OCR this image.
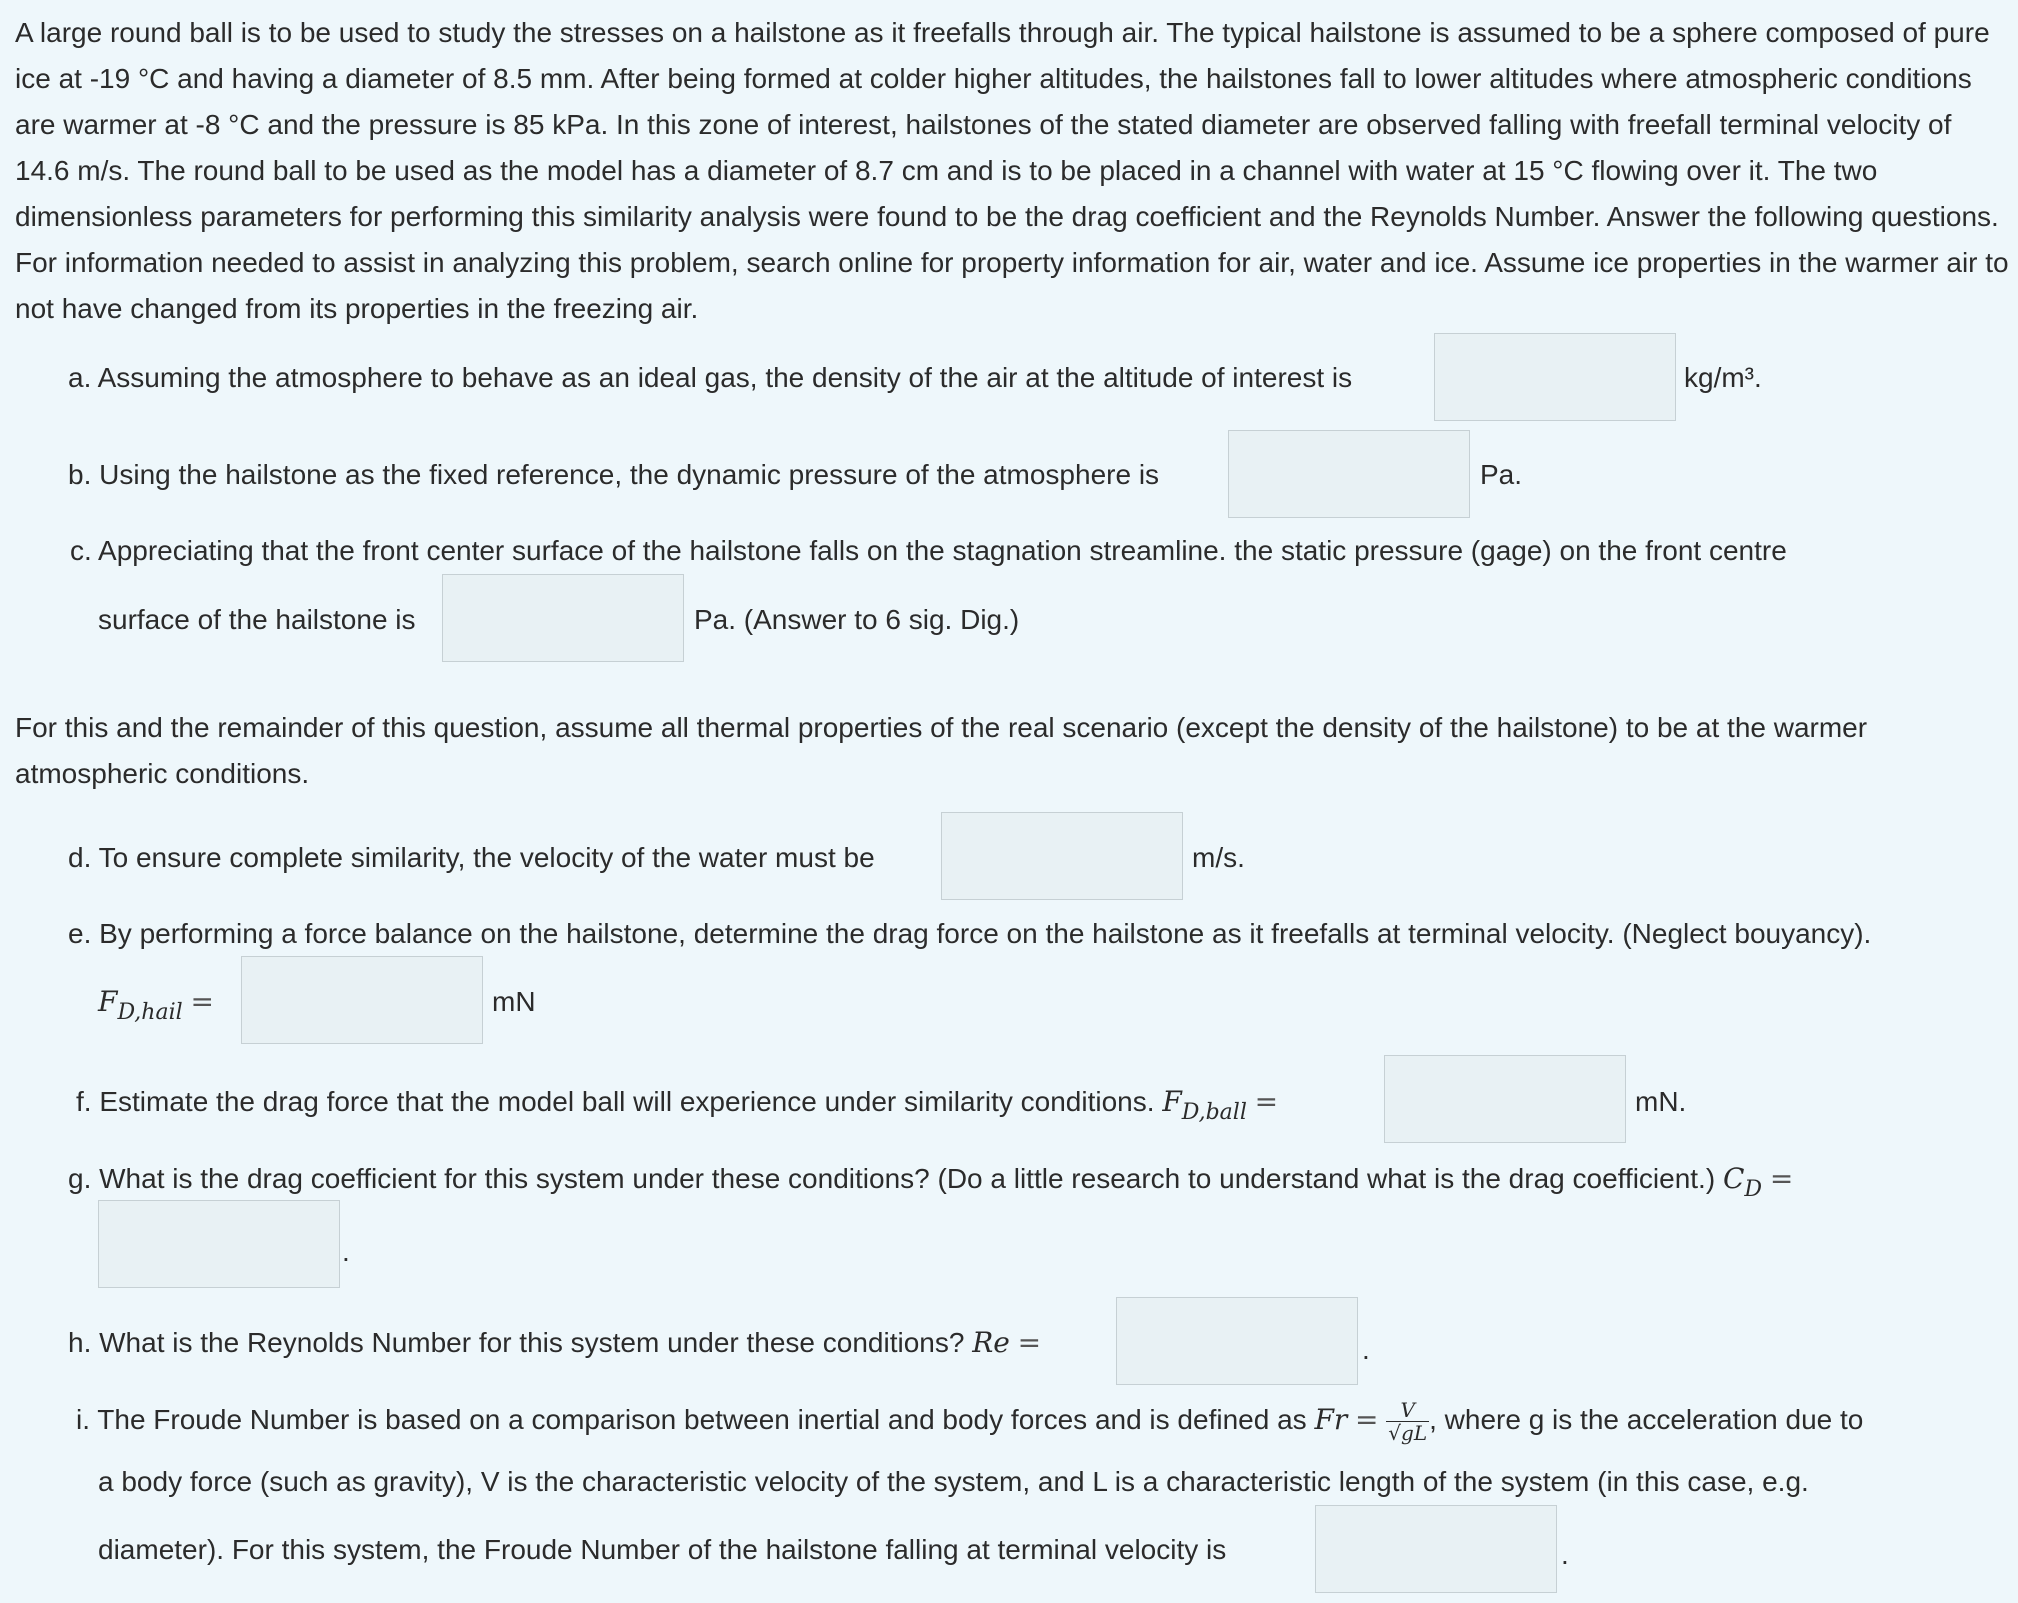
A large round ball is to be used to study the stresses on a hailstone as it freefalls through air. The typical hailstone is assumed to be a sphere composed of pure ice at -19 °C and having a diameter of 8.5 mm. After being formed at colder higher altitudes, the hailstones fall to lower altitudes where atmospheric conditions are warmer at -8 °C and the pressure is 85 kPa. In this zone of interest, hailstones of the stated diameter are observed falling with freefall terminal velocity of 14.6 m/s. The round ball to be used as the model has a diameter of 8.7 cm and is to be placed in a channel with water at 15 °C flowing over it. The two dimensionless parameters for performing this similarity analysis were found to be the drag coefficient and the Reynolds Number. Answer the following questions. For information needed to assist in analyzing this problem, search online for property information for air, water and ice. Assume ice properties in the warmer air to not have changed from its properties in the freezing air.

a. Assuming the atmosphere to behave as an ideal gas, the density of the air at the altitude of interest is	kg/m³.
b. Using the hailstone as the fixed reference, the dynamic pressure of the atmosphere is	Pa.
c. Appreciating that the front center surface of the hailstone falls on the stagnation streamline. the static pressure (gage) on the front centre
surface of the hailstone is	Pa. (Answer to 6 sig. Dig.)

For this and the remainder of this question, assume all thermal properties of the real scenario (except the density of the hailstone) to be at the warmer atmospheric conditions.

d. To ensure complete similarity, the velocity of the water must be	m/s.
e. By performing a force balance on the hailstone, determine the drag force on the hailstone as it freefalls at terminal velocity. (Neglect bouyancy).
$F_{D,hail}$ =	mN
f. Estimate the drag force that the model ball will experience under similarity conditions. $F_{D,ball}$ =	mN.
g. What is the drag coefficient for this system under these conditions? (Do a little research to understand what is the drag coefficient.) $C_D$ =
.
h. What is the Reynolds Number for this system under these conditions? Re =	.
i. The Froude Number is based on a comparison between inertial and body forces and is defined as $Fr = \frac{V}{√gL}$ , where g is the acceleration due to
a body force (such as gravity), V is the characteristic velocity of the system, and L is a characteristic length of the system (in this case, e.g.
diameter). For this system, the Froude Number of the hailstone falling at terminal velocity is	.
